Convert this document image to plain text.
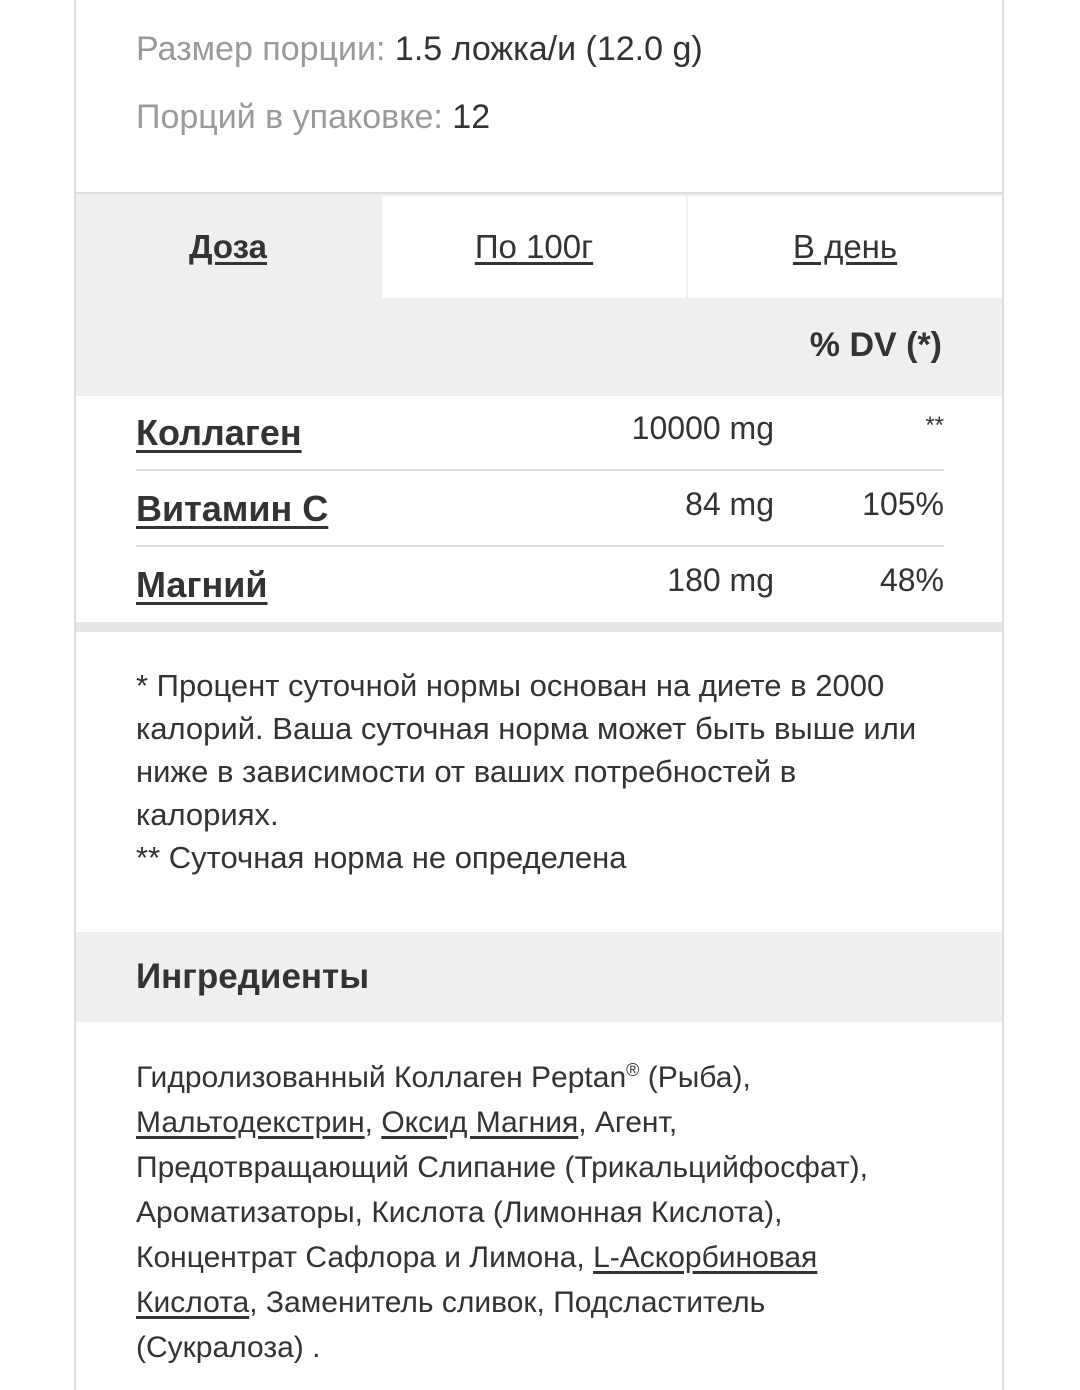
Размер порции: 1.5 ложка/и (12.0 g)
Порций в упаковке: 12
Доза	По 100г	В день
% DV (*)
Коллаген	10000 mg	**
Витамин C	84 mg	105%
Магний	180 mg	48%

* Процент суточной нормы основан на диете в 2000 калорий. Ваша суточная норма может быть выше или ниже в зависимости от ваших потребностей в калориях.

** Суточная норма не определена

Ингредиенты
Гидролизованный Коллаген Peptan® (Рыба), Мальтодекстрин, Оксид Магния, Агент, Предотвращающий Слипание (Трикальцийфосфат), Ароматизаторы, Кислота (Лимонная Кислота), Концентрат Сафлора и Лимона, L-Аскорбиновая Кислота, Заменитель сливок, Подсластитель (Сукралоза) .
